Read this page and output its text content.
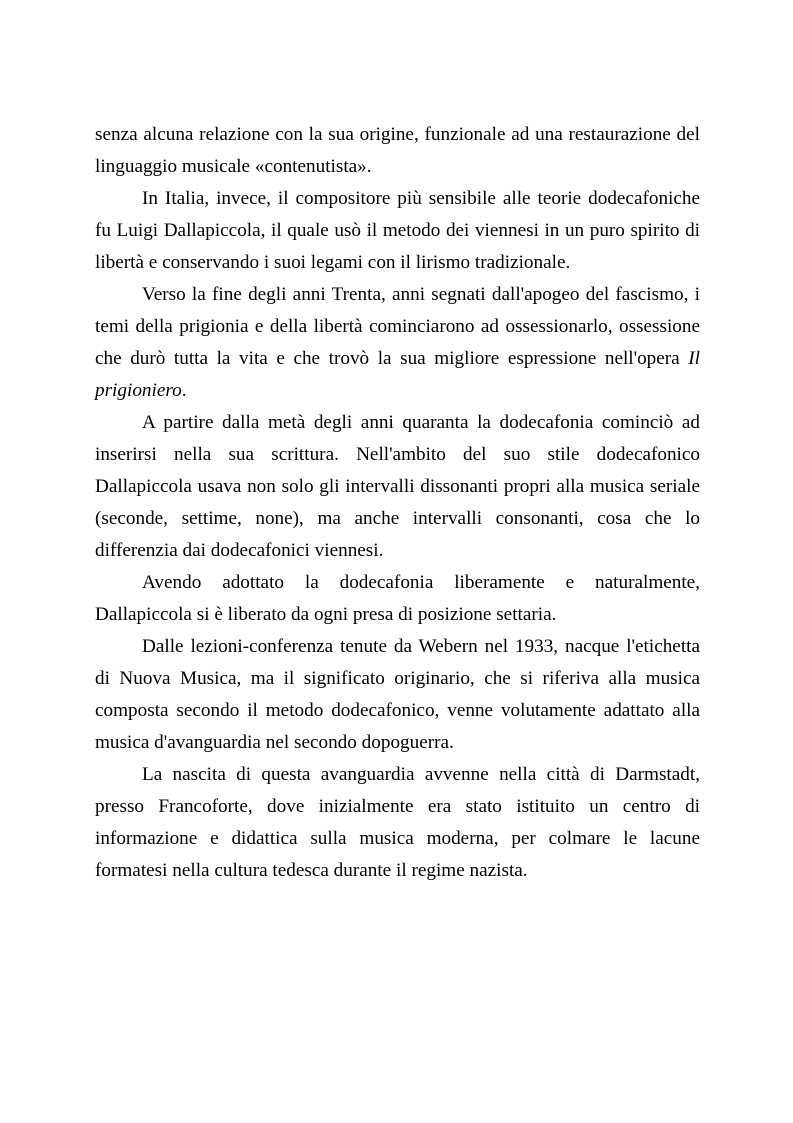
senza alcuna relazione con la sua origine, funzionale ad una restaurazione del linguaggio musicale «contenutista».

In Italia, invece, il compositore più sensibile alle teorie dodecafoniche fu Luigi Dallapiccola, il quale usò il metodo dei viennesi in un puro spirito di libertà e conservando i suoi legami con il lirismo tradizionale.

Verso la fine degli anni Trenta, anni segnati dall'apogeo del fascismo, i temi della prigionia e della libertà cominciarono ad ossessionarlo, ossessione che durò tutta la vita e che trovò la sua migliore espressione nell'opera Il prigioniero.

A partire dalla metà degli anni quaranta la dodecafonia cominciò ad inserirsi nella sua scrittura. Nell'ambito del suo stile dodecafonico Dallapiccola usava non solo gli intervalli dissonanti propri alla musica seriale (seconde, settime, none), ma anche intervalli consonanti, cosa che lo differenzia dai dodecafonici viennesi.

Avendo adottato la dodecafonia liberamente e naturalmente, Dallapiccola si è liberato da ogni presa di posizione settaria.

Dalle lezioni-conferenza tenute da Webern nel 1933, nacque l'etichetta di Nuova Musica, ma il significato originario, che si riferiva alla musica composta secondo il metodo dodecafonico, venne volutamente adattato alla musica d'avanguardia nel secondo dopoguerra.

La nascita di questa avanguardia avvenne nella città di Darmstadt, presso Francoforte, dove inizialmente era stato istituito un centro di informazione e didattica sulla musica moderna, per colmare le lacune formatesi nella cultura tedesca durante il regime nazista.
